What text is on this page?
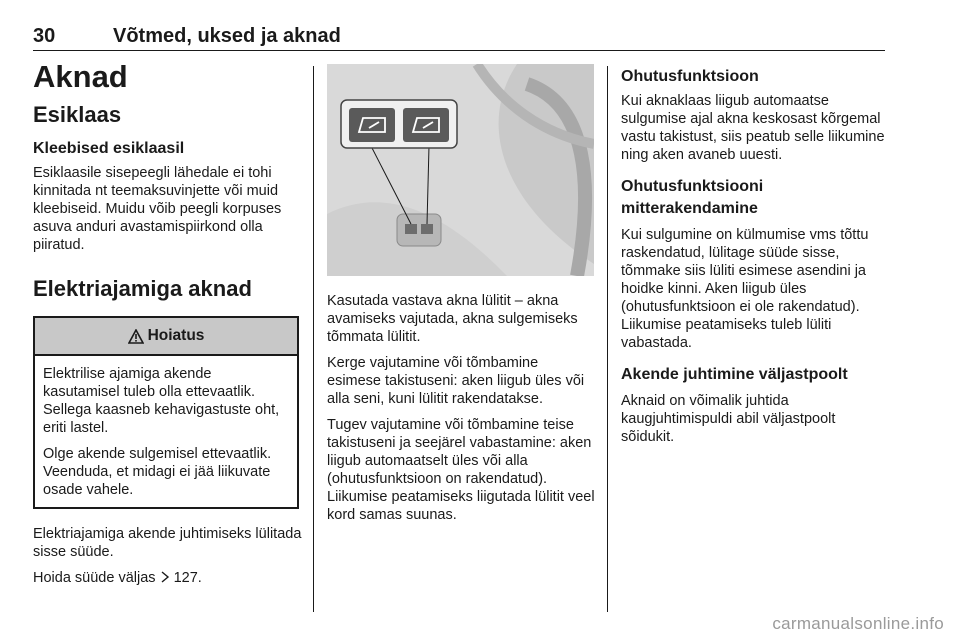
30	Võtmed, uksed ja aknad
Aknad
Esiklaas
Kleebised esiklaasil

Esiklaasile sisepeegli lähedale ei tohi kinnitada nt teemaksuvinjette või muid kleebiseid. Muidu võib peegli korpuses asuva anduri avastamispiirkond olla piiratud.

Elektriajamiga aknad
Hoiatus

Elektrilise ajamiga akende kasutamisel tuleb olla ettevaatlik. Sellega kaasneb kehavigastuste oht, eriti lastel.

Olge akende sulgemisel ettevaatlik. Veenduda, et midagi ei jää liikuvate osade vahele.

Elektriajamiga akende juhtimiseks lülitada sisse süüde.

Hoida süüde väljas 127.

Kasutada vastava akna lülitit – akna avamiseks vajutada, akna sulgemiseks tõmmata lülitit.

Kerge vajutamine või tõmbamine esimese takistuseni: aken liigub üles või alla seni, kuni lülitit rakendatakse.

Tugev vajutamine või tõmbamine teise takistuseni ja seejärel vabastamine: aken liigub automaatselt üles või alla (ohutusfunktsioon on rakendatud). Liikumise peatamiseks liigutada lülitit veel kord samas suunas.

Ohutusfunktsioon

Kui aknaklaas liigub automaatse sulgumise ajal akna keskosast kõrgemal vastu takistust, siis peatub selle liikumine ning aken avaneb uuesti.

Ohutusfunktsiooni mitterakendamine

Kui sulgumine on külmumise vms tõttu raskendatud, lülitage süüde sisse, tõmmake siis lüliti esimese asendini ja hoidke kinni. Aken liigub üles (ohutusfunktsioon ei ole rakendatud). Liikumise peatamiseks tuleb lüliti vabastada.

Akende juhtimine väljastpoolt

Aknaid on võimalik juhtida kaugjuhtimispuldi abil väljastpoolt sõidukit.

carmanualsonline.info
